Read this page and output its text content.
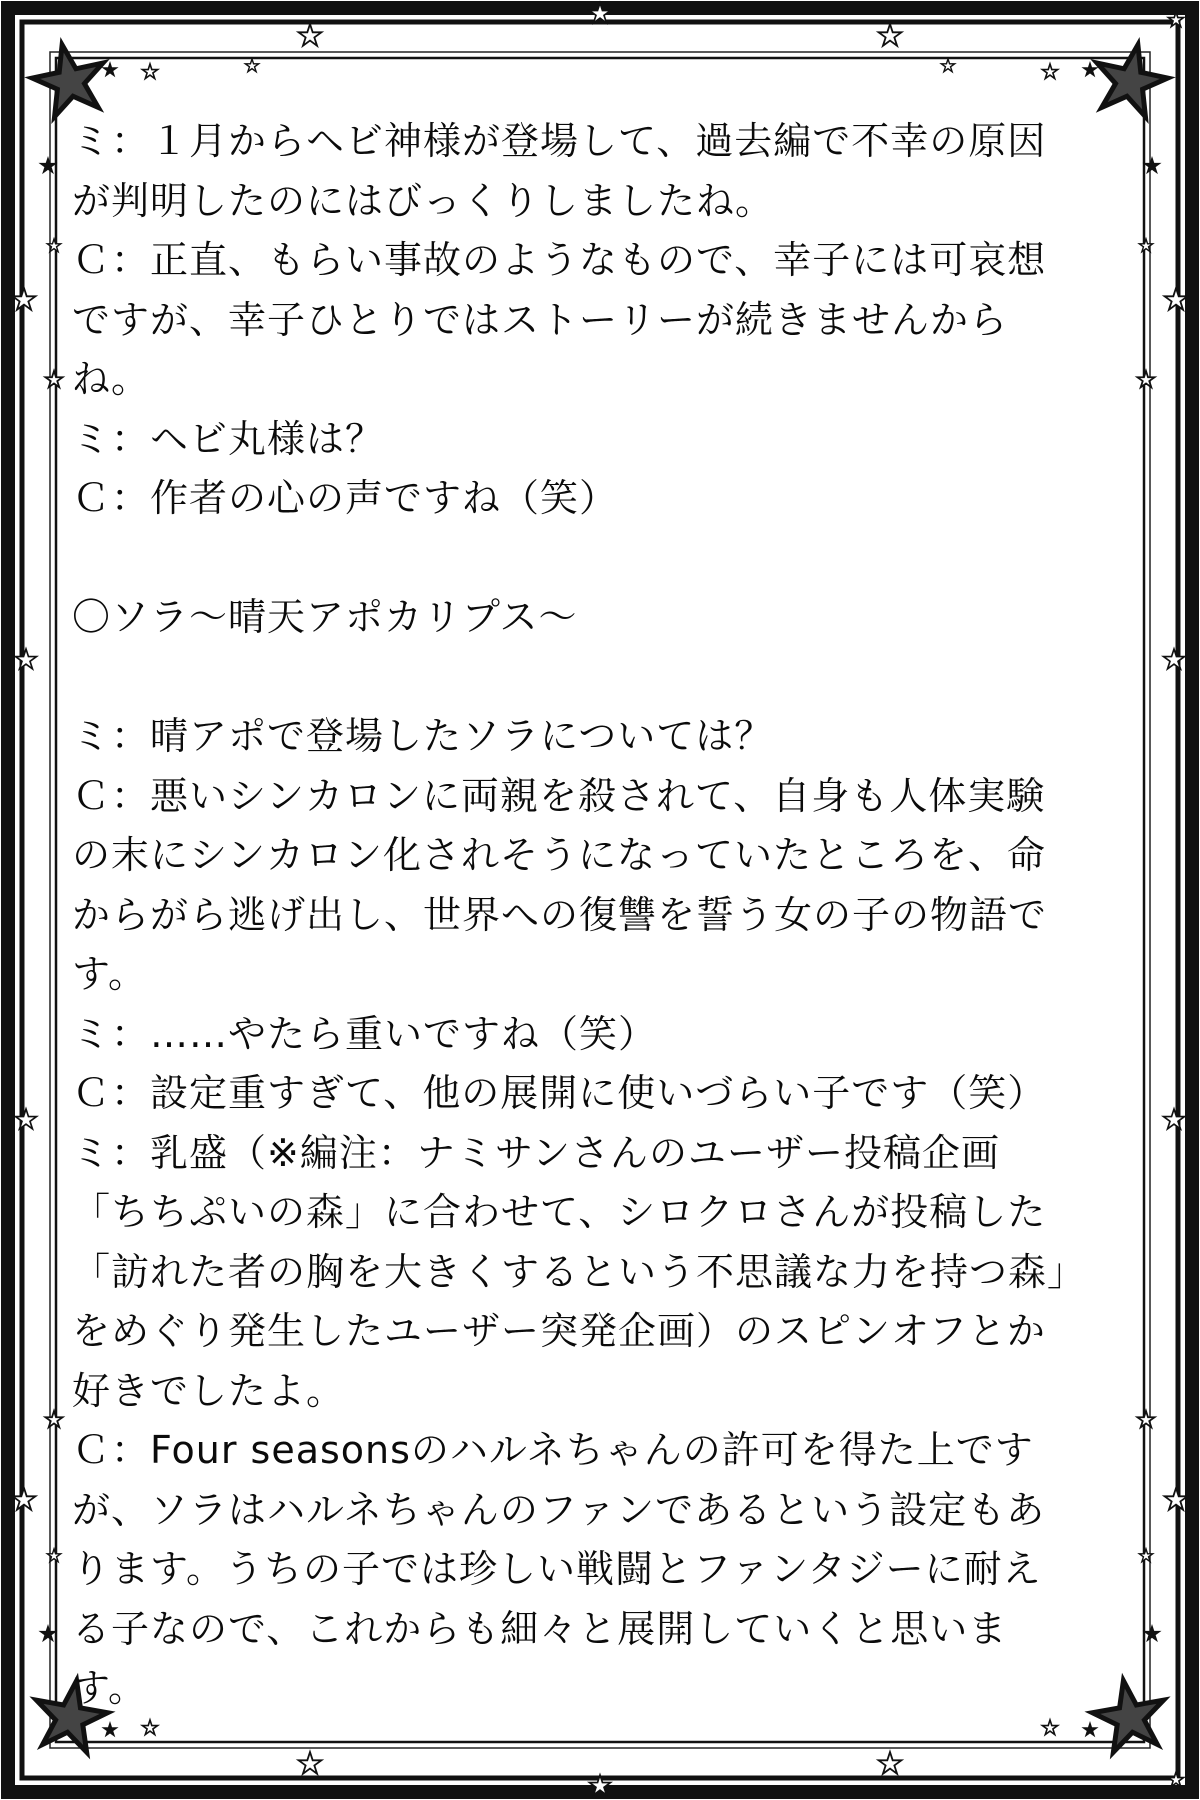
ミ：１月からヘビ神様が登場して、過去編で不幸の原因
が判明したのにはびっくりしましたね。
Ｃ：正直、もらい事故のようなもので、幸子には可哀想
ですが、幸子ひとりではストーリーが続きませんから
ね。
ミ：ヘビ丸様は？
Ｃ：作者の心の声ですね（笑）
〇ソラ〜晴天アポカリプス〜
ミ：晴アポで登場したソラについては？
Ｃ：悪いシンカロンに両親を殺されて、自身も人体実験
の末にシンカロン化されそうになっていたところを、命
からがら逃げ出し、世界への復讐を誓う女の子の物語で
す。
ミ：……やたら重いですね（笑）
Ｃ：設定重すぎて、他の展開に使いづらい子です（笑）
ミ：乳盛（※編注：ナミサンさんのユーザー投稿企画
「ちちぷいの森」に合わせて、シロクロさんが投稿した
「訪れた者の胸を大きくするという不思議な力を持つ森」
をめぐり発生したユーザー突発企画）のスピンオフとか
好きでしたよ。
Ｃ：Four seasonsのハルネちゃんの許可を得た上です
が、ソラはハルネちゃんのファンであるという設定もあ
ります。うちの子では珍しい戦闘とファンタジーに耐え
る子なので、これからも細々と展開していくと思いま
す。
